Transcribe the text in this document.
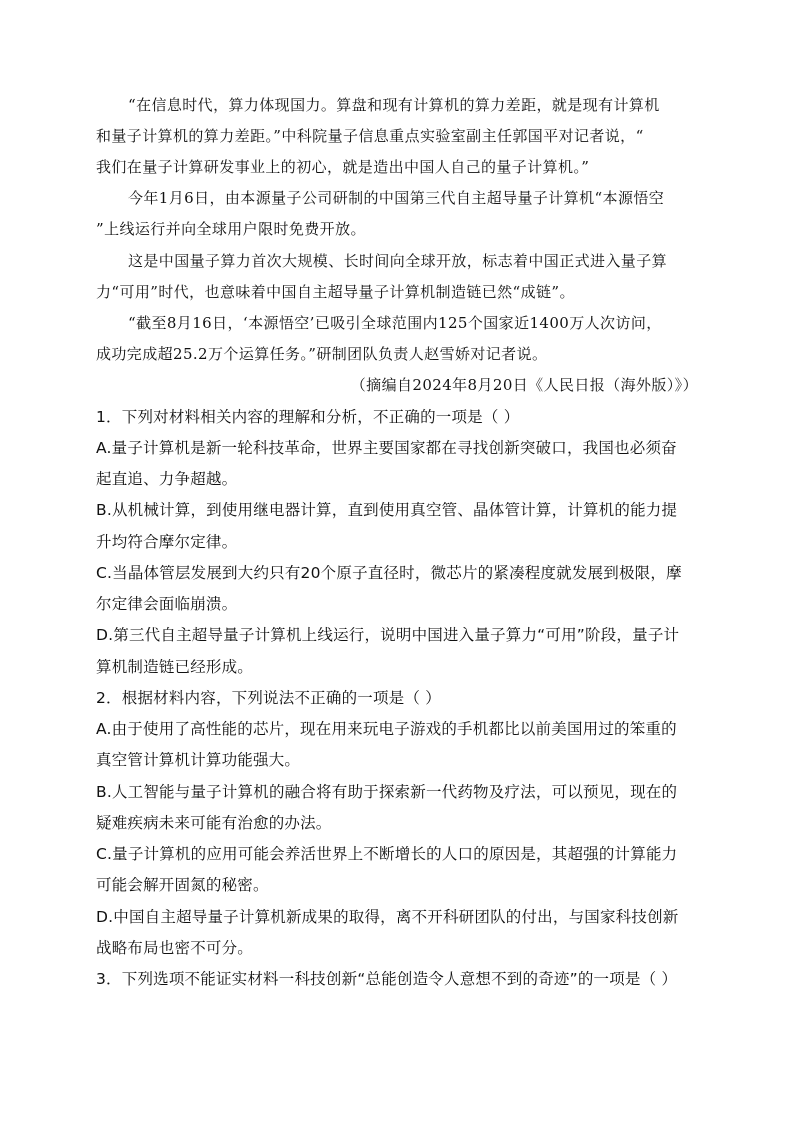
“在信息时代，算力体现国力。算盘和现有计算机的算力差距，就是现有计算机
和量子计算机的算力差距。”中科院量子信息重点实验室副主任郭国平对记者说，“
我们在量子计算研发事业上的初心，就是造出中国人自己的量子计算机。”
今年1月6日，由本源量子公司研制的中国第三代自主超导量子计算机“本源悟空
”上线运行并向全球用户限时免费开放。
这是中国量子算力首次大规模、长时间向全球开放，标志着中国正式进入量子算
力“可用”时代，也意味着中国自主超导量子计算机制造链已然“成链”。
“截至8月16日，‘本源悟空’已吸引全球范围内125个国家近1400万人次访问，
成功完成超25.2万个运算任务。”研制团队负责人赵雪娇对记者说。
（摘编自2024年8月20日《人民日报（海外版）》）
1．下列对材料相关内容的理解和分析，不正确的一项是（ ）
A.量子计算机是新一轮科技革命，世界主要国家都在寻找创新突破口，我国也必须奋
起直追、力争超越。
B.从机械计算，到使用继电器计算，直到使用真空管、晶体管计算，计算机的能力提
升均符合摩尔定律。
C.当晶体管层发展到大约只有20个原子直径时，微芯片的紧凑程度就发展到极限，摩
尔定律会面临崩溃。
D.第三代自主超导量子计算机上线运行，说明中国进入量子算力“可用”阶段，量子计
算机制造链已经形成。
2．根据材料内容，下列说法不正确的一项是（ ）
A.由于使用了高性能的芯片，现在用来玩电子游戏的手机都比以前美国用过的笨重的
真空管计算机计算功能强大。
B.人工智能与量子计算机的融合将有助于探索新一代药物及疗法，可以预见，现在的
疑难疾病未来可能有治愈的办法。
C.量子计算机的应用可能会养活世界上不断增长的人口的原因是，其超强的计算能力
可能会解开固氮的秘密。
D.中国自主超导量子计算机新成果的取得，离不开科研团队的付出，与国家科技创新
战略布局也密不可分。
3．下列选项不能证实材料一科技创新“总能创造令人意想不到的奇迹”的一项是（ ）
